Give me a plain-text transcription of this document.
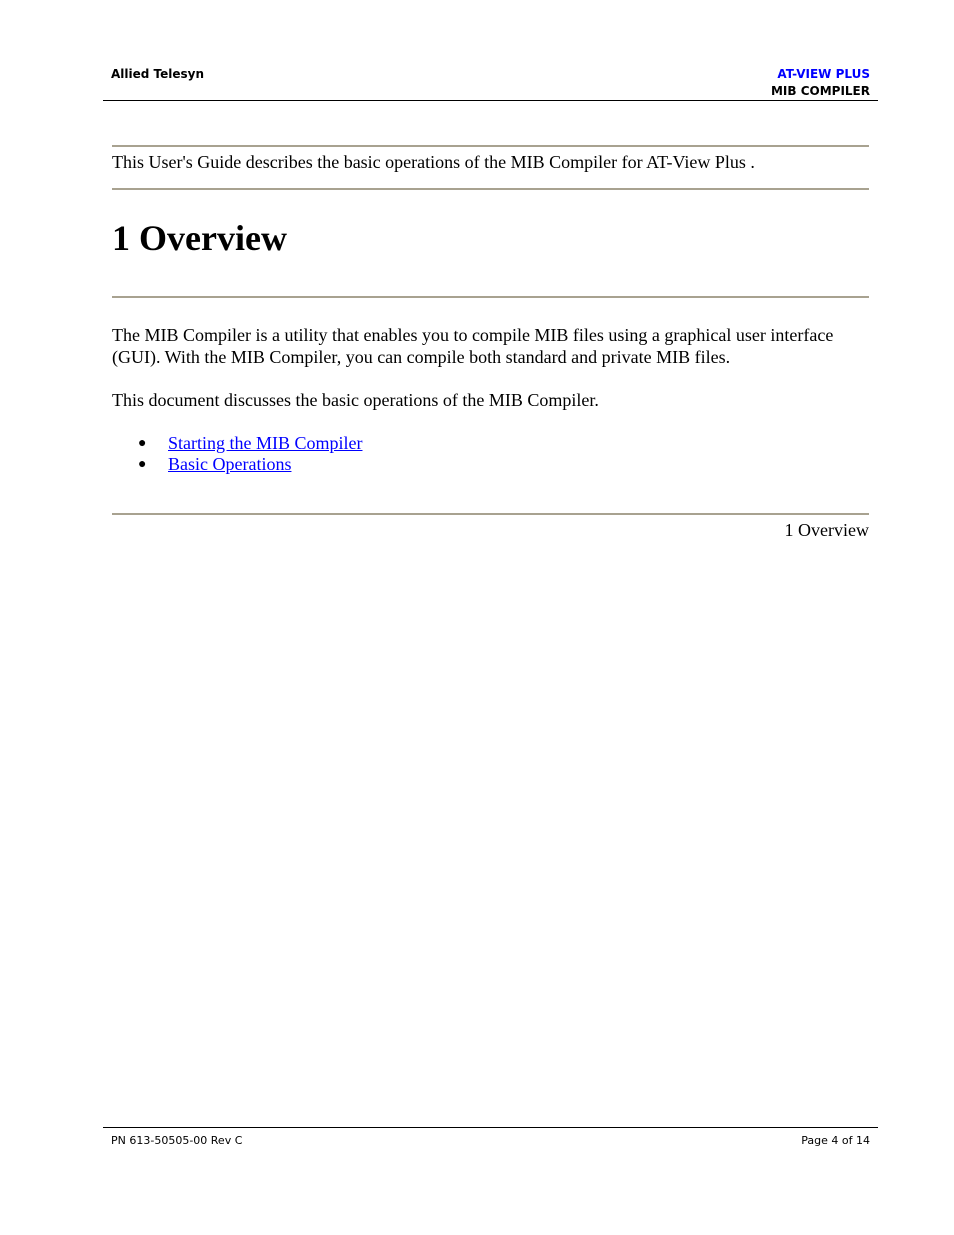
Allied Telesyn	AT-VIEW PLUS
MIB COMPILER
This User's Guide describes the basic operations of the MIB Compiler for AT-View Plus .
1 Overview
The MIB Compiler is a utility that enables you to compile MIB files using a graphical user interface (GUI). With the MIB Compiler, you can compile both standard and private MIB files.
This document discusses the basic operations of the MIB Compiler.
● Starting the MIB Compiler
● Basic Operations
1 Overview
PN 613-50505-00 Rev C	Page 4 of 14
